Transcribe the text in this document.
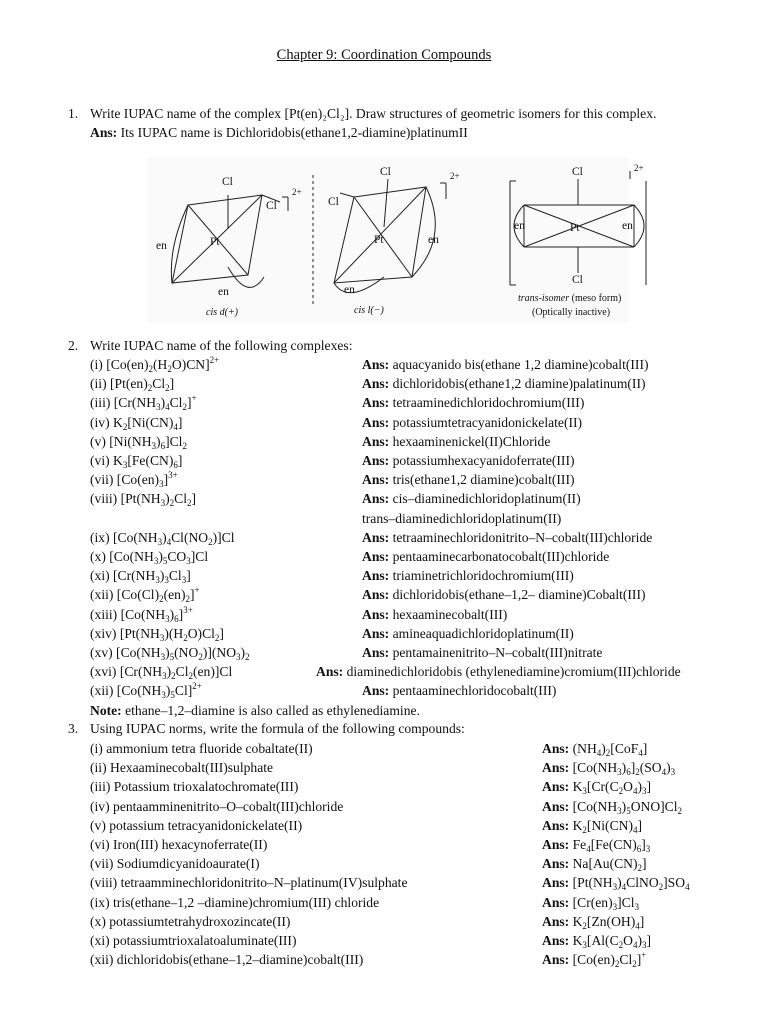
Chapter 9: Coordination Compounds
1. Write IUPAC name of the complex [Pt(en)₂Cl₂]. Draw structures of geometric isomers for this complex.
Ans: Its IUPAC name is Dichloridobis(ethane1,2-diamine)platinumII
Cl
Cl
2+
Pt
en
en
cis d(+)
Cl
Cl
2+
Pt	en
en
cis l(−)
Cl
Cl
Pt
en	en
2+
trans-isomer (meso form)
(Optically inactive)
2. Write IUPAC name of the following complexes:
(i) $[Co(en)_2(H_2O)CN]^{2+}$	Ans: aquacyanido bis(ethane 1,2 diamine)cobalt(III)
(ii) $[Pt(en)_2Cl_2]$	Ans: dichloridobis(ethane1,2 diamine)palatinum(II)
(iii) $[Cr(NH_3)_4Cl_2]^+$	Ans: tetraaminedichloridochromium(III)
(iv) $K_2[Ni(CN)_4]$	Ans: potassiumtetracyanidonickelate(II)
(v) $[Ni(NH_3)_6]Cl_2$	Ans: hexaaminenickel(II)Chloride
(vi) $K_3[Fe(CN)_6]$	Ans: potassiumhexacyanidoferrate(III)
(vii) $[Co(en)_3]^{3+}$	Ans: tris(ethane1,2 diamine)cobalt(III)
(viii) $[Pt(NH_3)_2Cl_2]$	Ans: cis–diaminedichloridoplatinum(II)
trans–diaminedichloridoplatinum(II)
(ix) $[Co(NH_3)_4Cl(NO_2)]Cl$	Ans: tetraaminechloridonitrito–N–cobalt(III)chloride
(x) $[Co(NH_3)_5CO_3]Cl$	Ans: pentaaminecarbonatocobalt(III)chloride
(xi) $[Cr(NH_3)_3Cl_3]$	Ans: triaminetrichloridochromium(III)
(xii) $[Co(Cl)_2(en)_2]^+$	Ans: dichloridobis(ethane–1,2– diamine)Cobalt(III)
(xiii) $[Co(NH_3)_6]^{3+}$	Ans: hexaaminecobalt(III)
(xiv) $[Pt(NH_3)(H_2O)Cl_2]$	Ans: amineaquadichloridoplatinum(II)
(xv) $[Co(NH_3)_5(NO_2)](NO_3)_2$	Ans: pentamainenitrito–N–cobalt(III)nitrate
(xvi) $[Cr(NH_3)_2Cl_2(en)]Cl$	Ans: diaminedichloridobis (ethylenediamine)cromium(III)chloride
(xii) $[Co(NH_3)_5Cl]^{2+}$	Ans: pentaaminechloridocobalt(III)
Note: ethane–1,2–diamine is also called as ethylenediamine.
3. Using IUPAC norms, write the formula of the following compounds:
(i) ammonium tetra fluoride cobaltate(II)	Ans: $(NH_4)_2[CoF_4]$
(ii) Hexaaminecobalt(III)sulphate	Ans: $[Co(NH_3)_6]_2(SO_4)_3$
(iii) Potassium trioxalatochromate(III)	Ans: $K_3[Cr(C_2O_4)_3]$
(iv) pentaamminenitrito–O–cobalt(III)chloride	Ans: $[Co(NH_3)_5ONO]Cl_2$
(v) potassium tetracyanidonickelate(II)	Ans: $K_2[Ni(CN)_4]$
(vi) Iron(III) hexacynoferrate(II)	Ans: $Fe_4[Fe(CN)_6]_3$
(vii) Sodiumdicyanidoaurate(I)	Ans: $Na[Au(CN)_2]$
(viii) tetraamminechloridonitrito–N–platinum(IV)sulphate	Ans: $[Pt(NH_3)_4ClNO_2]SO_4$
(ix) tris(ethane–1,2 –diamine)chromium(III) chloride	Ans: $[Cr(en)_3]Cl_3$
(x) potassiumtetrahydroxozincate(II)	Ans: $K_2[Zn(OH)_4]$
(xi) potassiumtrioxalatoaluminate(III)	Ans: $K_3[Al(C_2O_4)_3]$
(xii) dichloridobis(ethane–1,2–diamine)cobalt(III)	Ans: $[Co(en)_2Cl_2]^+$
